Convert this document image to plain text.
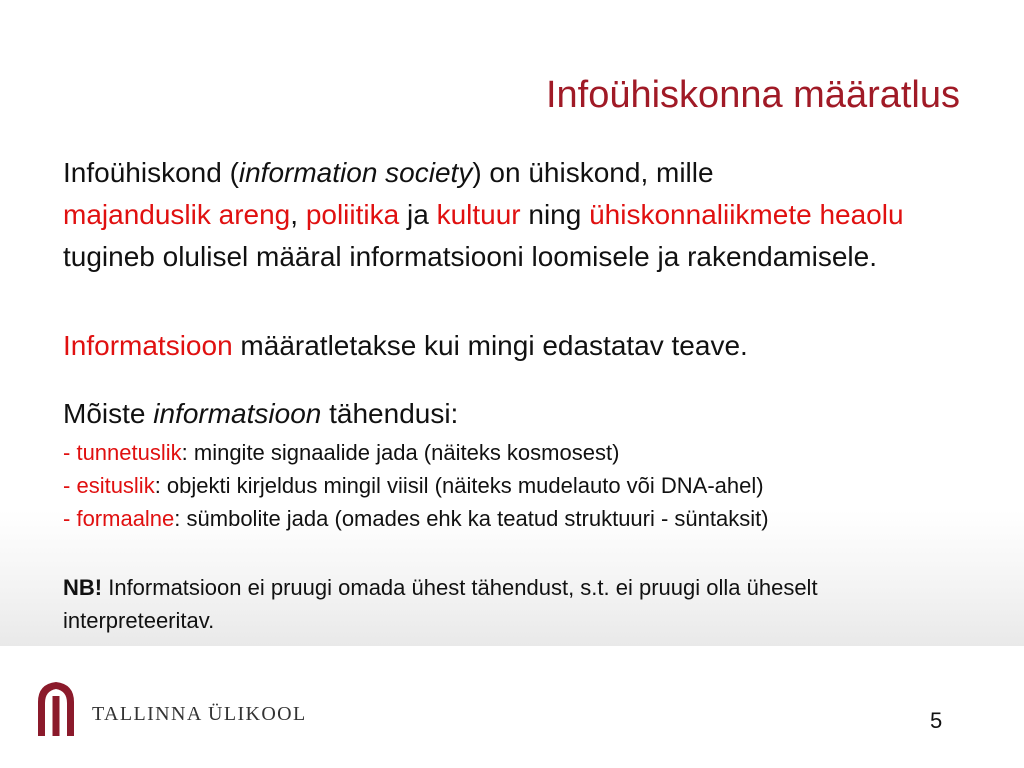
Infoühiskonna määratlus
Infoühiskond (information society) on ühiskond, mille
majanduslik areng, poliitika ja kultuur ning ühiskonnaliikmete heaolu tugineb olulisel määral informatsiooni loomisele ja rakendamisele.
Informatsioon määratletakse kui mingi edastatav teave.
Mõiste informatsioon tähendusi:
- tunnetuslik: mingite signaalide jada (näiteks kosmosest)
- esituslik: objekti kirjeldus mingil viisil (näiteks mudelauto või DNA-ahel)
- formaalne: sümbolite jada (omades ehk ka teatud struktuuri - süntaksit)
NB! Informatsioon ei pruugi omada ühest tähendust, s.t. ei pruugi olla üheselt interpreteeritav.
TALLINNA ÜLIKOOL	5
